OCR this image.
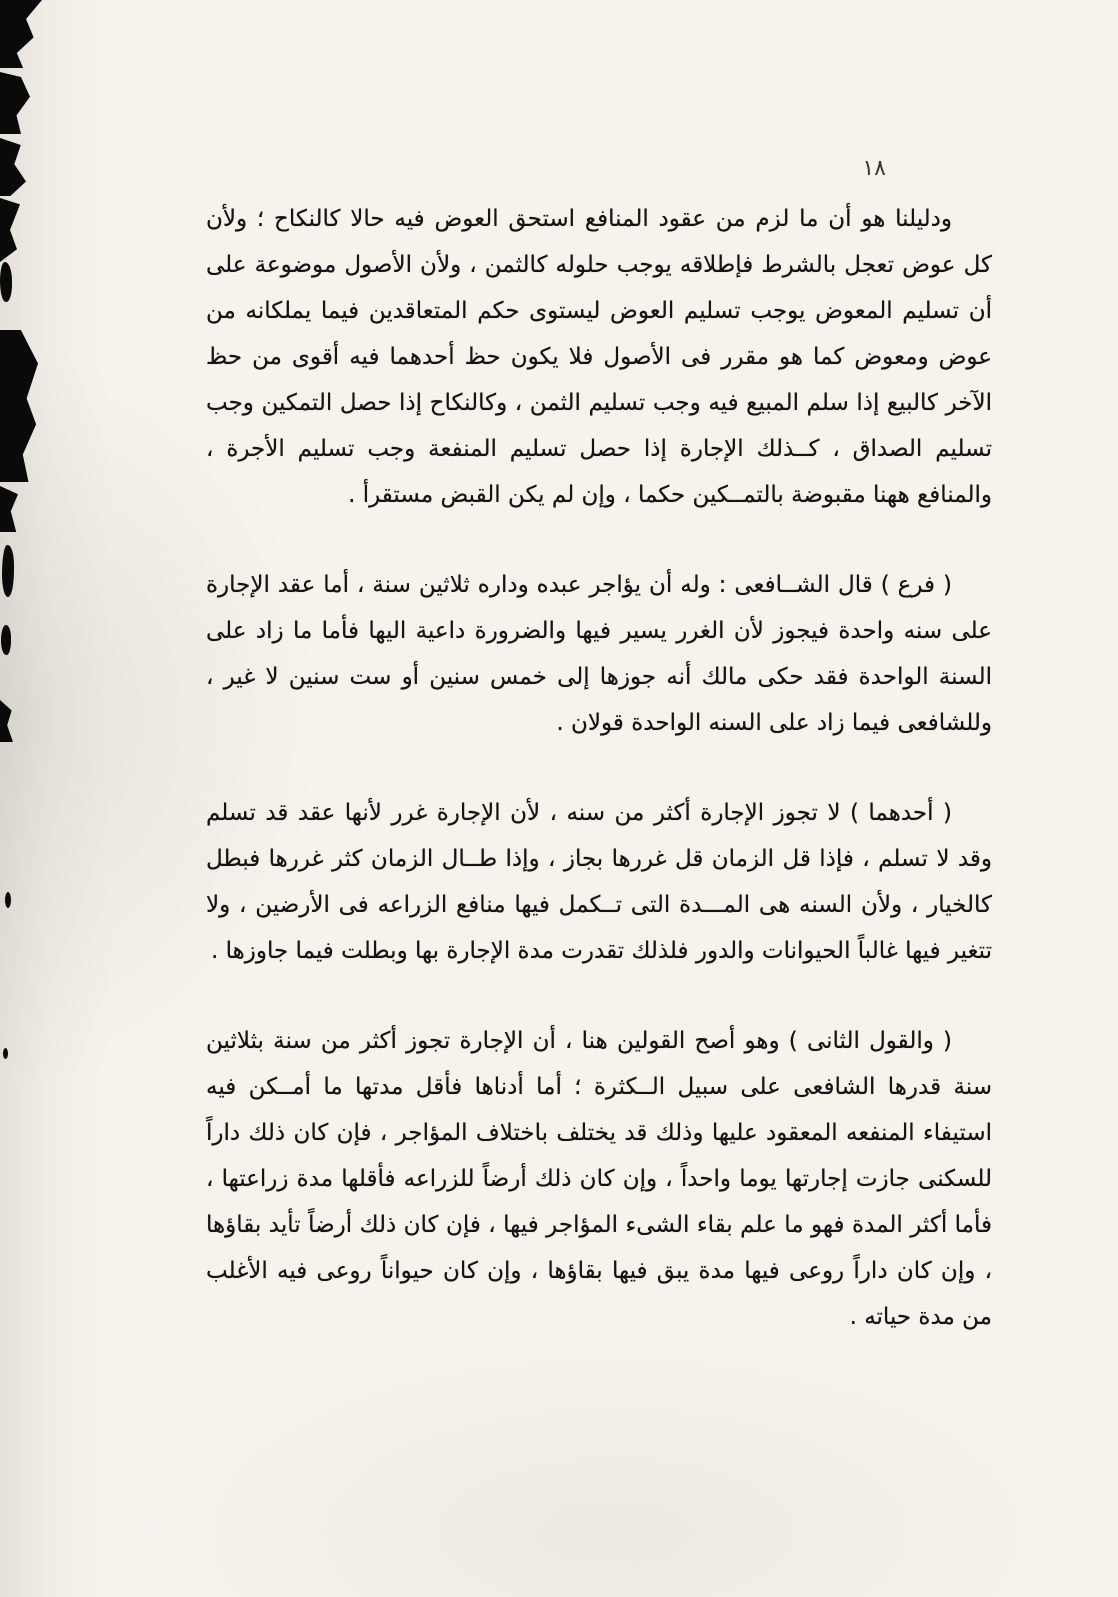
١٨

ودليلنا هو أن ما لزم من عقود المنافع استحق العوض فيه حالا كالنكاح ؛ ولأن كل عوض تعجل بالشرط فإطلاقه يوجب حلوله كالثمن ، ولأن الأصول موضوعة على أن تسليم المعوض يوجب تسليم العوض ليستوى حكم المتعاقدين فيما يملكانه من عوض ومعوض كما هو مقرر فى الأصول فلا يكون حظ أحدهما فيه أقوى من حظ الآخر كالبيع إذا سلم المبيع فيه وجب تسليم الثمن ، وكالنكاح إذا حصل التمكين وجب تسليم الصداق ، كــذلك الإجارة إذا حصل تسليم المنفعة وجب تسليم الأجرة ، والمنافع ههنا مقبوضة بالتمــكين حكما ، وإن لم يكن القبض مستقرأ .

( فرع ) قال الشــافعى : وله أن يؤاجر عبده وداره ثلاثين سنة ، أما عقد الإجارة على سنه واحدة فيجوز لأن الغرر يسير فيها والضرورة داعية اليها فأما ما زاد على السنة الواحدة فقد حكى مالك أنه جوزها إلى خمس سنين أو ست سنين لا غير ، وللشافعى فيما زاد على السنه الواحدة قولان .

( أحدهما ) لا تجوز الإجارة أكثر من سنه ، لأن الإجارة غرر لأنها عقد قد تسلم وقد لا تسلم ، فإذا قل الزمان قل غررها بجاز ، وإذا طــال الزمان كثر غررها فبطل كالخيار ، ولأن السنه هى المـــدة التى تــكمل فيها منافع الزراعه فى الأرضين ، ولا تتغير فيها غالباً الحيوانات والدور فلذلك تقدرت مدة الإجارة بها وبطلت فيما جاوزها .

( والقول الثانى ) وهو أصح القولين هنا ، أن الإجارة تجوز أكثر من سنة بثلاثين سنة قدرها الشافعى على سبيل الــكثرة ؛ أما أدناها فأقل مدتها ما أمــكن فيه استيفاء المنفعه المعقود عليها وذلك قد يختلف باختلاف المؤاجر ، فإن كان ذلك داراً للسكنى جازت إجارتها يوما واحداً ، وإن كان ذلك أرضاً للزراعه فأقلها مدة زراعتها ، فأما أكثر المدة فهو ما علم بقاء الشىء المؤاجر فيها ، فإن كان ذلك أرضاً تأيد بقاؤها ، وإن كان داراً روعى فيها مدة يبق فيها بقاؤها ، وإن كان حيواناً روعى فيه الأغلب من مدة حياته .
